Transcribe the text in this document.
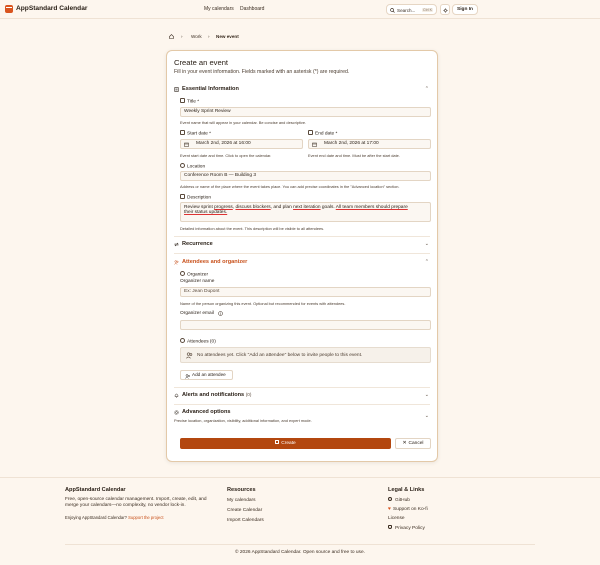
AppStandard Calendar	My calendars Dashboard	Search... Ctrl K	Sign In
› Work › New event
Create an event
Fill in your event information. Fields marked with an asterisk (*) are required.
Essential Information	⌃
Title *
Weekly Sprint Review
Event name that will appear in your calendar. Be concise and descriptive.
Start date *
March 2nd, 2026 at 16:00
Event start date and time. Click to open the calendar.
End date *
March 2nd, 2026 at 17:00
Event end date and time. Must be after the start date.
Location
Conference Room B — Building 3
Address or name of the place where the event takes place. You can add precise coordinates in the "Advanced location" section.
Description
Review sprint progress, discuss blockers, and plan next iteration goals. All team members should prepare
their status updates.
Detailed information about the event. This description will be visible to all attendees.
Recurrence	⌄
Attendees and organizer	⌃
Organizer
Organizer name
Ex: Jean Dupont
Name of the person organizing this event. Optional but recommended for events with attendees.
Organizer email
Attendees (0)
No attendees yet. Click "Add an attendee" below to invite people to this event.
Add an attendee
Alerts and notifications (0)	⌄
Advanced options
⌄
Precise location, organization, visibility, additional information, and expert mode.
Create	✕ Cancel
AppStandard Calendar
Free, open-source calendar management. Import, create, edit, and merge your calendars—no complexity, no vendor lock-in.
Enjoying AppStandard Calendar? Support the project
Resources
My calendars
Create Calendar
Import Calendars
Legal & Links
GitHub
♥ Support on Ko-fi
License
Privacy Policy
© 2026 AppStandard Calendar. Open source and free to use.
